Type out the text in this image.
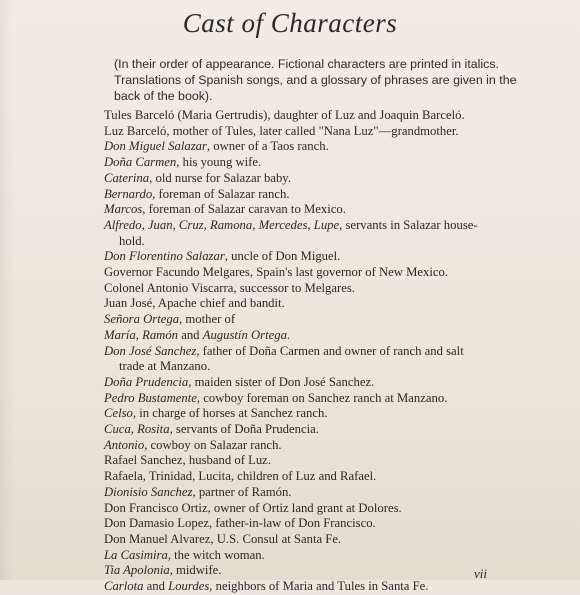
Cast of Characters
(In their order of appearance. Fictional characters are printed in italics.
Translations of Spanish songs, and a glossary of phrases are given in the
back of the book).
Tules Barceló (Maria Gertrudis), daughter of Luz and Joaquin Barceló.
Luz Barceló, mother of Tules, later called "Nana Luz"—grandmother.
Don Miguel Salazar, owner of a Taos ranch.
Doña Carmen, his young wife.
Caterina, old nurse for Salazar baby.
Bernardo, foreman of Salazar ranch.
Marcos, foreman of Salazar caravan to Mexico.
Alfredo, Juan, Cruz, Ramona, Mercedes, Lupe, servants in Salazar house-
hold.
Don Florentino Salazar, uncle of Don Miguel.
Governor Facundo Melgares, Spain's last governor of New Mexico.
Colonel Antonio Viscarra, successor to Melgares.
Juan José, Apache chief and bandit.
Señora Ortega, mother of
María, Ramón and Augustín Ortega.
Don José Sanchez, father of Doña Carmen and owner of ranch and salt
trade at Manzano.
Doña Prudencia, maiden sister of Don José Sanchez.
Pedro Bustamente, cowboy foreman on Sanchez ranch at Manzano.
Celso, in charge of horses at Sanchez ranch.
Cuca, Rosita, servants of Doña Prudencia.
Antonio, cowboy on Salazar ranch.
Rafael Sanchez, husband of Luz.
Rafaela, Trinidad, Lucita, children of Luz and Rafael.
Dionisio Sanchez, partner of Ramón.
Don Francisco Ortiz, owner of Ortiz land grant at Dolores.
Don Damasio Lopez, father-in-law of Don Francisco.
Don Manuel Alvarez, U.S. Consul at Santa Fe.
La Casimira, the witch woman.
Tia Apolonia, midwife.
Carlota and Lourdes, neighbors of Maria and Tules in Santa Fe.
vii
